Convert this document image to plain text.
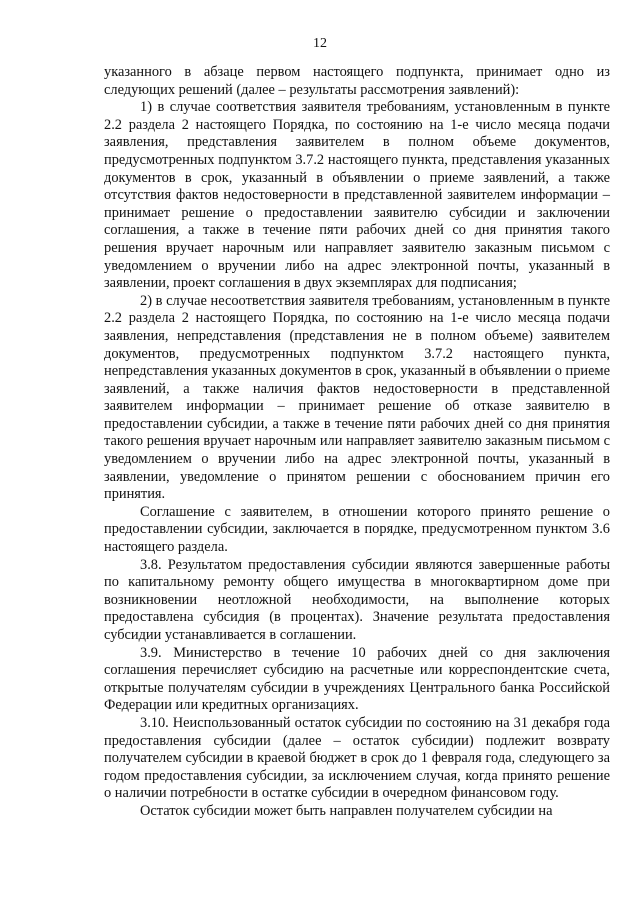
12

указанного в абзаце первом настоящего подпункта, принимает одно из следующих решений (далее – результаты рассмотрения заявлений):

1) в случае соответствия заявителя требованиям, установленным в пункте 2.2 раздела 2 настоящего Порядка, по состоянию на 1-е число месяца подачи заявления, представления заявителем в полном объеме документов, предусмотренных подпунктом 3.7.2 настоящего пункта, представления указанных документов в срок, указанный в объявлении о приеме заявлений, а также отсутствия фактов недостоверности в представленной заявителем информации – принимает решение о предоставлении заявителю субсидии и заключении соглашения, а также в течение пяти рабочих дней со дня принятия такого решения вручает нарочным или направляет заявителю заказным письмом с уведомлением о вручении либо на адрес электронной почты, указанный в заявлении, проект соглашения в двух экземплярах для подписания;

2) в случае несоответствия заявителя требованиям, установленным в пункте 2.2 раздела 2 настоящего Порядка, по состоянию на 1-е число месяца подачи заявления, непредставления (представления не в полном объеме) заявителем документов, предусмотренных подпунктом 3.7.2 настоящего пункта, непредставления указанных документов в срок, указанный в объявлении о приеме заявлений, а также наличия фактов недостоверности в представленной заявителем информации – принимает решение об отказе заявителю в предоставлении субсидии, а также в течение пяти рабочих дней со дня принятия такого решения вручает нарочным или направляет заявителю заказным письмом с уведомлением о вручении либо на адрес электронной почты, указанный в заявлении, уведомление о принятом решении с обоснованием причин его принятия.

Соглашение с заявителем, в отношении которого принято решение о предоставлении субсидии, заключается в порядке, предусмотренном пунктом 3.6 настоящего раздела.

3.8. Результатом предоставления субсидии являются завершенные работы по капитальному ремонту общего имущества в многоквартирном доме при возникновении неотложной необходимости, на выполнение которых предоставлена субсидия (в процентах). Значение результата предоставления субсидии устанавливается в соглашении.

3.9. Министерство в течение 10 рабочих дней со дня заключения соглашения перечисляет субсидию на расчетные или корреспондентские счета, открытые получателям субсидии в учреждениях Центрального банка Российской Федерации или кредитных организациях.

3.10. Неиспользованный остаток субсидии по состоянию на 31 декабря года предоставления субсидии (далее – остаток субсидии) подлежит возврату получателем субсидии в краевой бюджет в срок до 1 февраля года, следующего за годом предоставления субсидии, за исключением случая, когда принято решение о наличии потребности в остатке субсидии в очередном финансовом году.

Остаток субсидии может быть направлен получателем субсидии на
